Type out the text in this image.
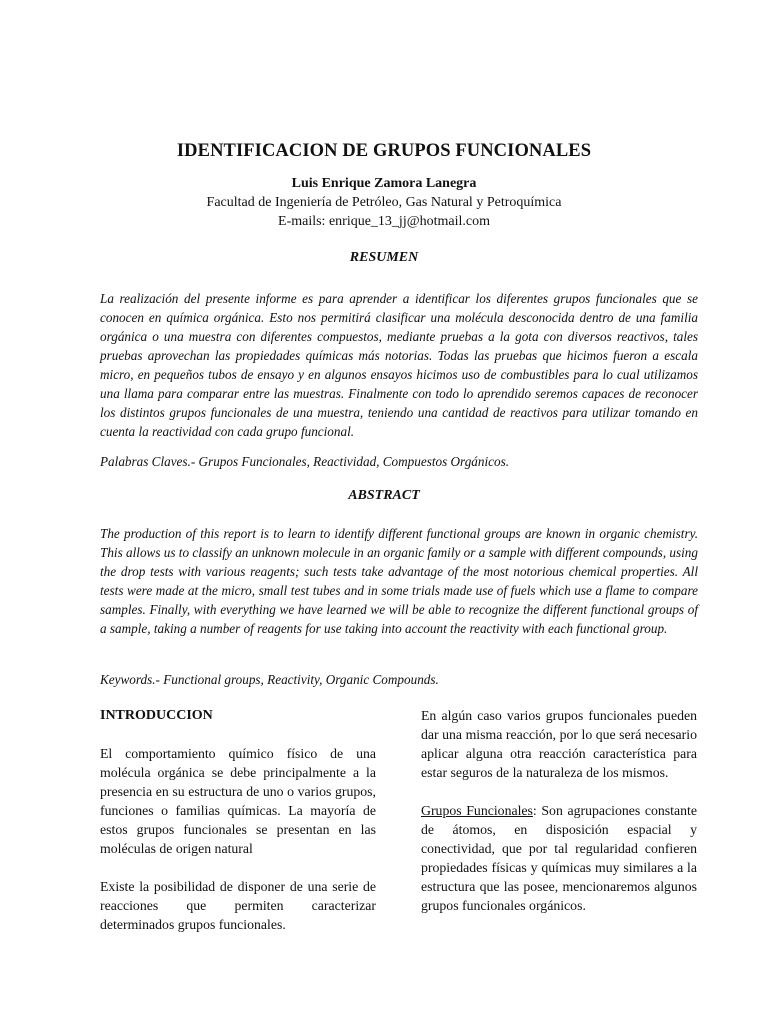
IDENTIFICACION DE GRUPOS FUNCIONALES
Luis Enrique Zamora Lanegra
Facultad de Ingeniería de Petróleo, Gas Natural y Petroquímica
E-mails: enrique_13_jj@hotmail.com
RESUMEN

La realización del presente informe es para aprender a identificar los diferentes grupos funcionales que se conocen en química orgánica. Esto nos permitirá clasificar una molécula desconocida dentro de una familia orgánica o una muestra con diferentes compuestos, mediante pruebas a la gota con diversos reactivos, tales pruebas aprovechan las propiedades químicas más notorias. Todas las pruebas que hicimos fueron a escala micro, en pequeños tubos de ensayo y en algunos ensayos hicimos uso de combustibles para lo cual utilizamos una llama para comparar entre las muestras. Finalmente con todo lo aprendido seremos capaces de reconocer los distintos grupos funcionales de una muestra, teniendo una cantidad de reactivos para utilizar tomando en cuenta la reactividad con cada grupo funcional.

Palabras Claves.- Grupos Funcionales, Reactividad, Compuestos Orgánicos.

ABSTRACT

The production of this report is to learn to identify different functional groups are known in organic chemistry. This allows us to classify an unknown molecule in an organic family or a sample with different compounds, using the drop tests with various reagents; such tests take advantage of the most notorious chemical properties. All tests were made at the micro, small test tubes and in some trials made use of fuels which use a flame to compare samples. Finally, with everything we have learned we will be able to recognize the different functional groups of a sample, taking a number of reagents for use taking into account the reactivity with each functional group.

Keywords.- Functional groups, Reactivity, Organic Compounds.

INTRODUCCION

El comportamiento químico físico de una molécula orgánica se debe principalmente a la presencia en su estructura de uno o varios grupos, funciones o familias químicas. La mayoría de estos grupos funcionales se presentan en las moléculas de origen natural

Existe la posibilidad de disponer de una serie de reacciones que permiten caracterizar determinados grupos funcionales.

En algún caso varios grupos funcionales pueden dar una misma reacción, por lo que será necesario aplicar alguna otra reacción característica para estar seguros de la naturaleza de los mismos.

Grupos Funcionales: Son agrupaciones constante de átomos, en disposición espacial y conectividad, que por tal regularidad confieren propiedades físicas y químicas muy similares a la estructura que las posee, mencionaremos algunos grupos funcionales orgánicos.
